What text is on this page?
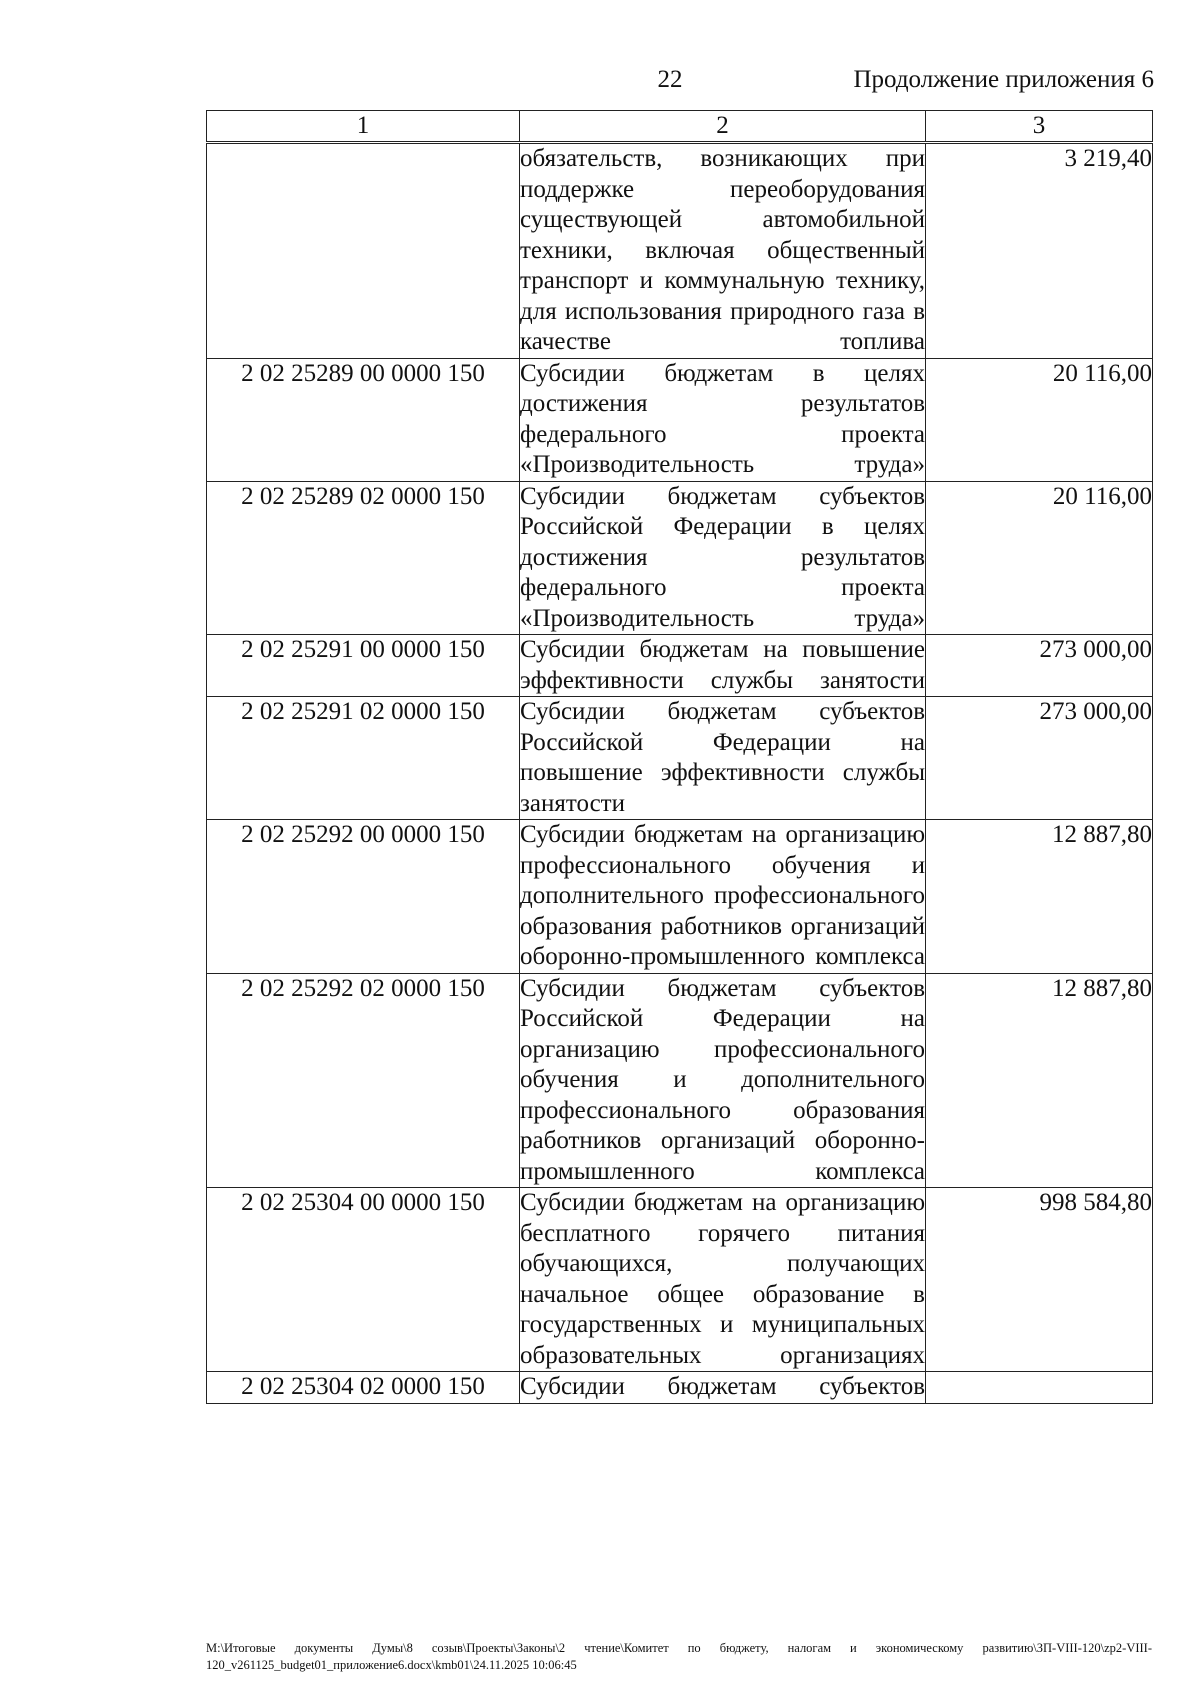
22	Продолжение приложения 6
1	2	3
	обязательств, возникающих при поддержке переоборудования существующей автомобильной техники, включая общественный транспорт и коммунальную технику, для использования природного газа в качестве топлива	3 219,40
2 02 25289 00 0000 150	Субсидии бюджетам в целях достижения результатов федерального проекта «Производительность труда»	20 116,00
2 02 25289 02 0000 150	Субсидии бюджетам субъектов Российской Федерации в целях достижения результатов федерального проекта «Производительность труда»	20 116,00
2 02 25291 00 0000 150	Субсидии бюджетам на повышение эффективности службы занятости	273 000,00
2 02 25291 02 0000 150	Субсидии бюджетам субъектов Российской Федерации на повышение эффективности службы занятости	273 000,00
2 02 25292 00 0000 150	Субсидии бюджетам на организацию профессионального обучения и дополнительного профессионального образования работников организаций оборонно-промышленного комплекса	12 887,80
2 02 25292 02 0000 150	Субсидии бюджетам субъектов Российской Федерации на организацию профессионального обучения и дополнительного профессионального образования работников организаций оборонно-промышленного комплекса	12 887,80
2 02 25304 00 0000 150	Субсидии бюджетам на организацию бесплатного горячего питания обучающихся, получающих начальное общее образование в государственных и муниципальных образовательных организациях	998 584,80
2 02 25304 02 0000 150	Субсидии бюджетам субъектов	
M:\Итоговые документы Думы\8 созыв\Проекты\Законы\2 чтение\Комитет по бюджету, налогам и экономическому развитию\ЗП-VIII-120\zp2-VIII-120_v261125_budget01_приложение6.docx\kmb01\24.11.2025 10:06:45
